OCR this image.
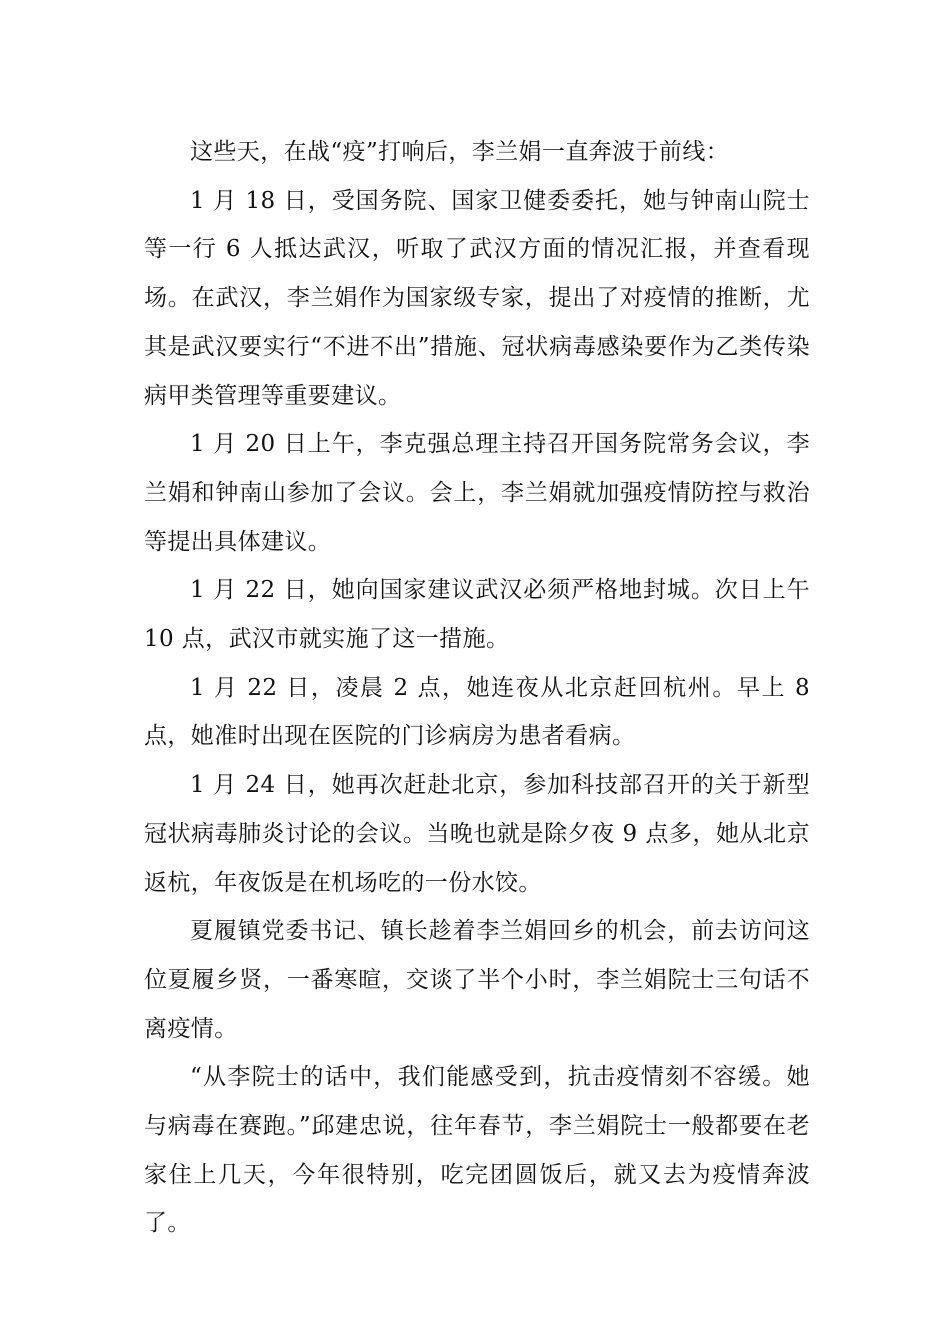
这些天，在战“疫”打响后，李兰娟一直奔波于前线：

1 月 18 日，受国务院、国家卫健委委托，她与钟南山院士等一行 6 人抵达武汉，听取了武汉方面的情况汇报，并查看现场。在武汉，李兰娟作为国家级专家，提出了对疫情的推断，尤其是武汉要实行“不进不出”措施、冠状病毒感染要作为乙类传染病甲类管理等重要建议。

1 月 20 日上午，李克强总理主持召开国务院常务会议，李兰娟和钟南山参加了会议。会上，李兰娟就加强疫情防控与救治等提出具体建议。

1 月 22 日，她向国家建议武汉必须严格地封城。次日上午 10 点，武汉市就实施了这一措施。

1 月 22 日，凌晨 2 点，她连夜从北京赶回杭州。早上 8 点，她准时出现在医院的门诊病房为患者看病。

1 月 24 日，她再次赶赴北京，参加科技部召开的关于新型冠状病毒肺炎讨论的会议。当晚也就是除夕夜 9 点多，她从北京返杭，年夜饭是在机场吃的一份水饺。

夏履镇党委书记、镇长趁着李兰娟回乡的机会，前去访问这位夏履乡贤，一番寒暄，交谈了半个小时，李兰娟院士三句话不离疫情。

“从李院士的话中，我们能感受到，抗击疫情刻不容缓。她与病毒在赛跑。”邱建忠说，往年春节，李兰娟院士一般都要在老家住上几天，今年很特别，吃完团圆饭后，就又去为疫情奔波了。
